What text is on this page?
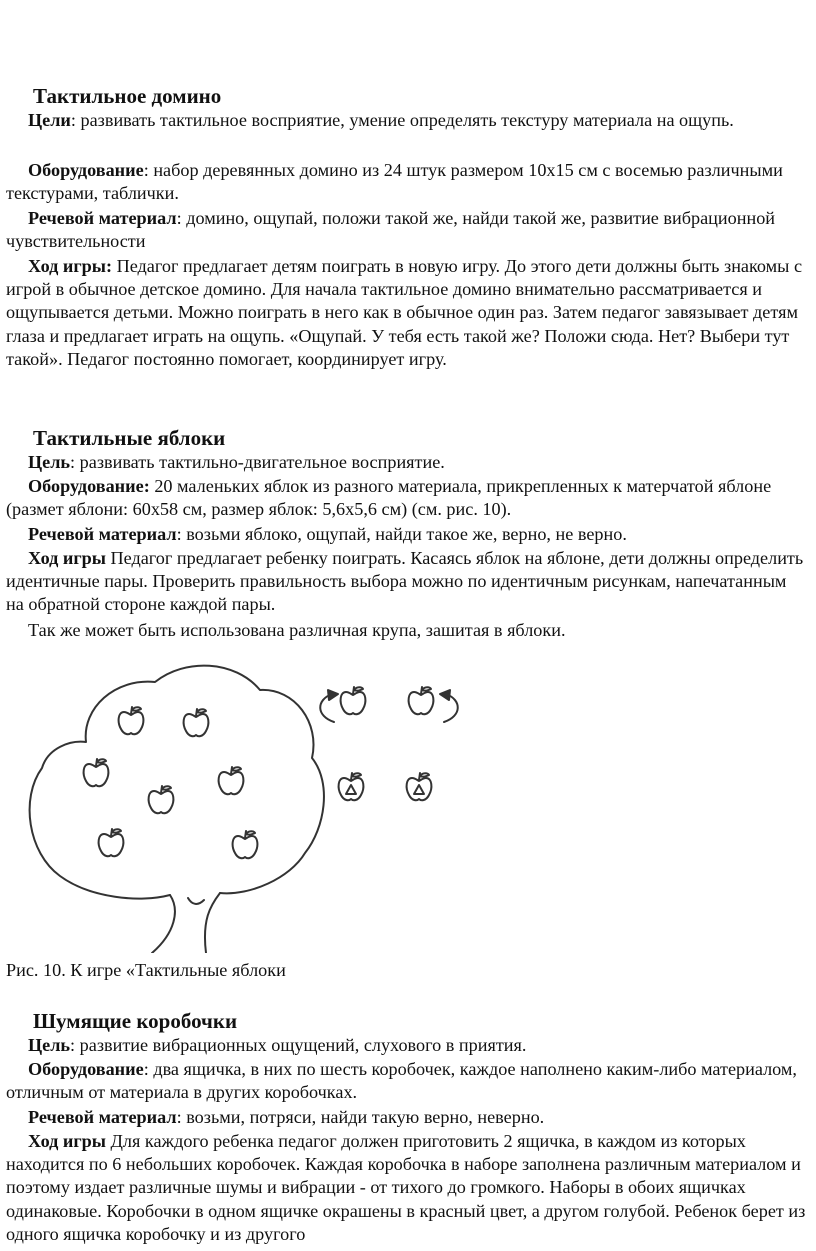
Тактильное домино

Цели: развивать тактильное восприятие, умение определять текстуру материала на ощупь.

Оборудование: набор деревянных домино из 24 штук размером 10х15 см с восемью различными текстурами, таблички.

Речевой материал: домино, ощупай, положи такой же, найди такой же, развитие вибрационной чувствительности

Ход игры: Педагог предлагает детям поиграть в новую игру. До этого дети должны быть знакомы с игрой в обычное детское домино. Для начала тактильное домино внимательно рассматривается и ощупывается детьми. Можно поиграть в него как в обычное один раз. Затем педагог завязывает детям глаза и предлагает играть на ощупь. «Ощупай. У тебя есть такой же? Положи сюда. Нет? Выбери тут такой». Педагог постоянно помогает, координирует игру.

Тактильные яблоки

Цель: развивать тактильно-двигательное восприятие.

Оборудование: 20 маленьких яблок из разного материала, прикрепленных к матерчатой яблоне (размет яблони: 60х58 см, размер яблок: 5,6х5,6 см) (см. рис. 10).

Речевой материал: возьми яблоко, ощупай, найди такое же, верно, не верно.

Ход игры Педагог предлагает ребенку поиграть. Касаясь яблок на яблоне, дети должны определить идентичные пары. Проверить правильность выбора можно по идентичным рисункам, напечатанным на обратной стороне каждой пары.

Так же может быть использована различная крупа, зашитая в яблоки.

Рис. 10. К игре «Тактильные яблоки

Шумящие коробочки

Цель: развитие вибрационных ощущений, слухового в приятия.

Оборудование: два ящичка, в них по шесть коробочек, каждое наполнено каким-либо материалом, отличным от материала в других коробочках.

Речевой материал: возьми, потряси, найди такую верно, неверно.

Ход игры Для каждого ребенка педагог должен приготовить 2 ящичка, в каждом из которых находится по 6 небольших коробочек. Каждая коробочка в наборе заполнена различным материалом и поэтому издает различные шумы и вибрации - от тихого до громкого. Наборы в обоих ящичках одинаковые. Коробочки в одном ящичке окрашены в красный цвет, а другом голубой. Ребенок берет из одного ящичка коробочку и из другого
